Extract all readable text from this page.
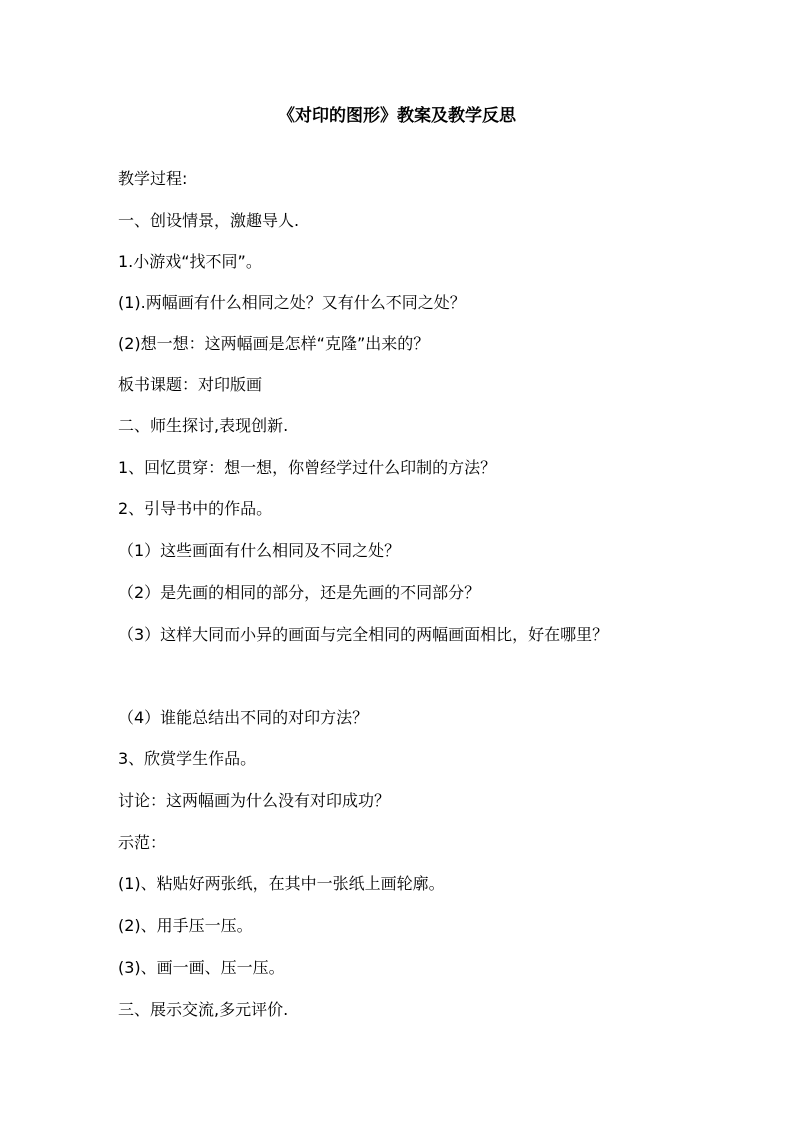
《对印的图形》教案及教学反思
教学过程:
一、创设情景，激趣导人.
1.小游戏“找不同”。
(1).两幅画有什么相同之处？又有什么不同之处？
(2)想一想：这两幅画是怎样“克隆”出来的？
板书课题：对印版画
二、师生探讨,表现创新.
1、回忆贯穿：想一想，你曾经学过什么印制的方法？
2、引导书中的作品。
（1）这些画面有什么相同及不同之处？
（2）是先画的相同的部分，还是先画的不同部分？
（3）这样大同而小异的画面与完全相同的两幅画面相比，好在哪里？
（4）谁能总结出不同的对印方法？
3、欣赏学生作品。
讨论：这两幅画为什么没有对印成功？
示范：
(1)、粘贴好两张纸，在其中一张纸上画轮廓。
(2)、用手压一压。
(3)、画一画、压一压。
三、展示交流,多元评价.
